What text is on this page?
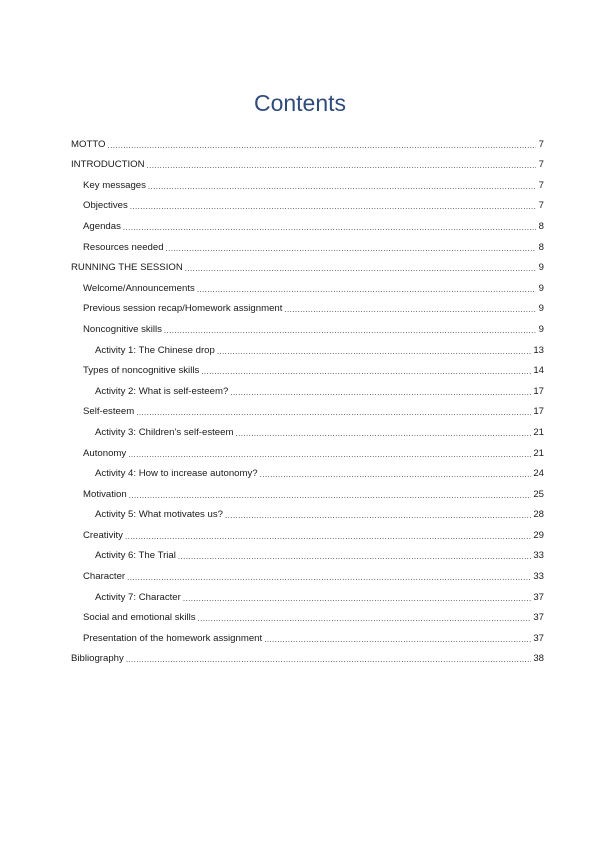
Contents
MOTTO .....	7
INTRODUCTION .....	7
Key messages .....	7
Objectives .....	7
Agendas .....	8
Resources needed .....	8
RUNNING THE SESSION .....	9
Welcome/Announcements .....	9
Previous session recap/Homework assignment .....	9
Noncognitive skills .....	9
Activity 1: The Chinese drop .....	13
Types of noncognitive skills .....	14
Activity 2: What is self-esteem? .....	17
Self-esteem .....	17
Activity 3: Children’s self-esteem .....	21
Autonomy .....	21
Activity 4: How to increase autonomy? .....	24
Motivation .....	25
Activity 5: What motivates us? .....	28
Creativity .....	29
Activity 6: The Trial .....	33
Character .....	33
Activity 7: Character .....	37
Social and emotional skills .....	37
Presentation of the homework assignment .....	37
Bibliography .....	38
